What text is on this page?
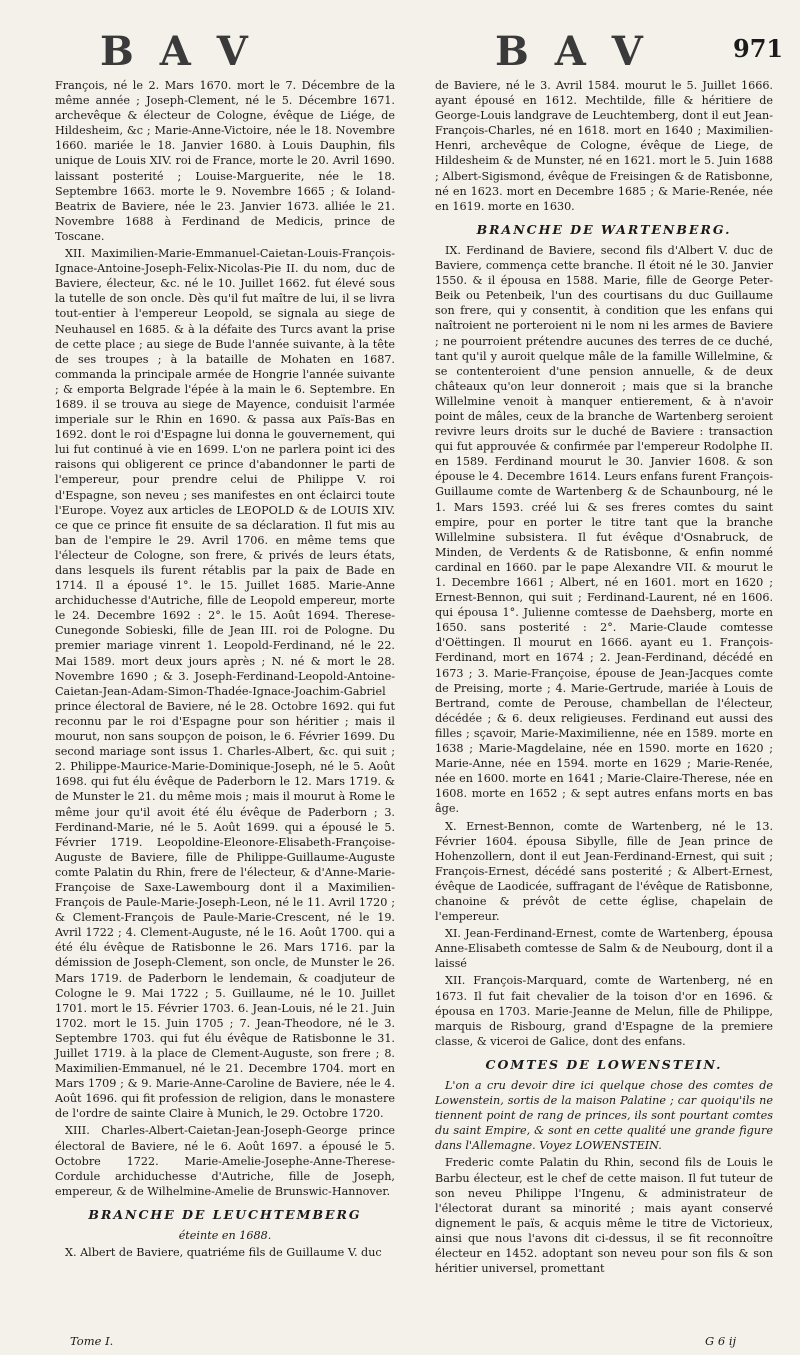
B A V	B A V	971

François, né le 2. Mars 1670. mort le 7. Décembre de la même année ; Joseph-Clement, né le 5. Décembre 1671. archevêque & électeur de Cologne, évêque de Liége, de Hildesheim, &c ; Marie-Anne-Victoire, née le 18. Novembre 1660. mariée le 18. Janvier 1680. à Louis Dauphin, fils unique de Louis XIV. roi de France, morte le 20. Avril 1690. laissant posterité ; Louise-Marguerite, née le 18. Septembre 1663. morte le 9. Novembre 1665 ; & Ioland-Beatrix de Baviere, née le 23. Janvier 1673. alliée le 21. Novembre 1688 à Ferdinand de Medicis, prince de Toscane.

XII. Maximilien-Marie-Emmanuel-Caietan-Louis-François-Ignace-Antoine-Joseph-Felix-Nicolas-Pie II. du nom, duc de Baviere, électeur, &c. né le 10. Juillet 1662. fut élevé sous la tutelle de son oncle. Dès qu'il fut maître de lui, il se livra tout-entier à l'empereur Leopold, se signala au siege de Neuhausel en 1685. & à la défaite des Turcs avant la prise de cette place ; au siege de Bude l'année suivante, à la tête de ses troupes ; à la bataille de Mohaten en 1687. commanda la principale armée de Hongrie l'année suivante ; & emporta Belgrade l'épée à la main le 6. Septembre. En 1689. il se trouva au siege de Mayence, conduisit l'armée imperiale sur le Rhin en 1690. & passa aux Païs-Bas en 1692. dont le roi d'Espagne lui donna le gouvernement, qui lui fut continué à vie en 1699. L'on ne parlera point ici des raisons qui obligerent ce prince d'abandonner le parti de l'empereur, pour prendre celui de Philippe V. roi d'Espagne, son neveu ; ses manifestes en ont éclairci toute l'Europe. Voyez aux articles de LEOPOLD & de LOUIS XIV. ce que ce prince fit ensuite de sa déclaration. Il fut mis au ban de l'empire le 29. Avril 1706. en même tems que l'électeur de Cologne, son frere, & privés de leurs états, dans lesquels ils furent rétablis par la paix de Bade en 1714. Il a épousé 1°. le 15. Juillet 1685. Marie-Anne archiduchesse d'Autriche, fille de Leopold empereur, morte le 24. Decembre 1692 : 2°. le 15. Août 1694. Therese-Cunegonde Sobieski, fille de Jean III. roi de Pologne. Du premier mariage vinrent 1. Leopold-Ferdinand, né le 22. Mai 1589. mort deux jours après ; N. né & mort le 28. Novembre 1690 ; & 3. Joseph-Ferdinand-Leopold-Antoine-Caietan-Jean-Adam-Simon-Thadée-Ignace-Joachim-Gabriel prince électoral de Baviere, né le 28. Octobre 1692. qui fut reconnu par le roi d'Espagne pour son héritier ; mais il mourut, non sans soupçon de poison, le 6. Février 1699. Du second mariage sont issus 1. Charles-Albert, &c. qui suit ; 2. Philippe-Maurice-Marie-Dominique-Joseph, né le 5. Août 1698. qui fut élu évêque de Paderborn le 12. Mars 1719. & de Munster le 21. du même mois ; mais il mourut à Rome le même jour qu'il avoit été élu évêque de Paderborn ; 3. Ferdinand-Marie, né le 5. Août 1699. qui a épousé le 5. Février 1719. Leopoldine-Eleonore-Elisabeth-Françoise-Auguste de Baviere, fille de Philippe-Guillaume-Auguste comte Palatin du Rhin, frere de l'électeur, & d'Anne-Marie-Françoise de Saxe-Lawembourg dont il a Maximilien-François de Paule-Marie-Joseph-Leon, né le 11. Avril 1720 ; & Clement-François de Paule-Marie-Crescent, né le 19. Avril 1722 ; 4. Clement-Auguste, né le 16. Août 1700. qui a été élu évêque de Ratisbonne le 26. Mars 1716. par la démission de Joseph-Clement, son oncle, de Munster le 26. Mars 1719. de Paderborn le lendemain, & coadjuteur de Cologne le 9. Mai 1722 ; 5. Guillaume, né le 10. Juillet 1701. mort le 15. Février 1703. 6. Jean-Louis, né le 21. Juin 1702. mort le 15. Juin 1705 ; 7. Jean-Theodore, né le 3. Septembre 1703. qui fut élu évêque de Ratisbonne le 31. Juillet 1719. à la place de Clement-Auguste, son frere ; 8. Maximilien-Emmanuel, né le 21. Decembre 1704. mort en Mars 1709 ; & 9. Marie-Anne-Caroline de Baviere, née le 4. Août 1696. qui fit profession de religion, dans le monastere de l'ordre de sainte Claire à Munich, le 29. Octobre 1720.

XIII. Charles-Albert-Caietan-Jean-Joseph-George prince électoral de Baviere, né le 6. Août 1697. a épousé le 5. Octobre 1722. Marie-Amelie-Josephe-Anne-Therese-Cordule archiduchesse d'Autriche, fille de Joseph, empereur, & de Wilhelmine-Amelie de Brunswic-Hannover.

BRANCHE DE LEUCHTEMBERG

éteinte en 1688.

X. Albert de Baviere, quatriéme fils de Guillaume V. duc

de Baviere, né le 3. Avril 1584. mourut le 5. Juillet 1666. ayant épousé en 1612. Mechtilde, fille & héritiere de George-Louis landgrave de Leuchtemberg, dont il eut Jean-François-Charles, né en 1618. mort en 1640 ; Maximilien-Henri, archevêque de Cologne, évêque de Liege, de Hildesheim & de Munster, né en 1621. mort le 5. Juin 1688 ; Albert-Sigismond, évêque de Freisingen & de Ratisbonne, né en 1623. mort en Decembre 1685 ; & Marie-Renée, née en 1619. morte en 1630.

BRANCHE DE WARTENBERG.

IX. Ferdinand de Baviere, second fils d'Albert V. duc de Baviere, commença cette branche. Il étoit né le 30. Janvier 1550. & il épousa en 1588. Marie, fille de George Peter-Beik ou Petenbeik, l'un des courtisans du duc Guillaume son frere, qui y consentit, à condition que les enfans qui naîtroient ne porteroient ni le nom ni les armes de Baviere ; ne pourroient prétendre aucunes des terres de ce duché, tant qu'il y auroit quelque mâle de la famille Willelmine, & se contenteroient d'une pension annuelle, & de deux châteaux qu'on leur donneroit ; mais que si la branche Willelmine venoit à manquer entierement, & à n'avoir point de mâles, ceux de la branche de Wartenberg seroient revivre leurs droits sur le duché de Baviere : transaction qui fut approuvée & confirmée par l'empereur Rodolphe II. en 1589. Ferdinand mourut le 30. Janvier 1608. & son épouse le 4. Decembre 1614. Leurs enfans furent François-Guillaume comte de Wartenberg & de Schaunbourg, né le 1. Mars 1593. créé lui & ses freres comtes du saint empire, pour en porter le titre tant que la branche Willelmine subsistera. Il fut évêque d'Osnabruck, de Minden, de Verdents & de Ratisbonne, & enfin nommé cardinal en 1660. par le pape Alexandre VII. & mourut le 1. Decembre 1661 ; Albert, né en 1601. mort en 1620 ; Ernest-Bennon, qui suit ; Ferdinand-Laurent, né en 1606. qui épousa 1°. Julienne comtesse de Daehsberg, morte en 1650. sans posterité : 2°. Marie-Claude comtesse d'Oëttingen. Il mourut en 1666. ayant eu 1. François-Ferdinand, mort en 1674 ; 2. Jean-Ferdinand, décédé en 1673 ; 3. Marie-Françoise, épouse de Jean-Jacques comte de Preising, morte ; 4. Marie-Gertrude, mariée à Louis de Bertrand, comte de Perouse, chambellan de l'électeur, décédée ; & 6. deux religieuses. Ferdinand eut aussi des filles ; sçavoir, Marie-Maximilienne, née en 1589. morte en 1638 ; Marie-Magdelaine, née en 1590. morte en 1620 ; Marie-Anne, née en 1594. morte en 1629 ; Marie-Renée, née en 1600. morte en 1641 ; Marie-Claire-Therese, née en 1608. morte en 1652 ; & sept autres enfans morts en bas âge.

X. Ernest-Bennon, comte de Wartenberg, né le 13. Février 1604. épousa Sibylle, fille de Jean prince de Hohenzollern, dont il eut Jean-Ferdinand-Ernest, qui suit ; François-Ernest, décédé sans posterité ; & Albert-Ernest, évêque de Laodicée, suffragant de l'évêque de Ratisbonne, chanoine & prévôt de cette église, chapelain de l'empereur.

XI. Jean-Ferdinand-Ernest, comte de Wartenberg, épousa Anne-Elisabeth comtesse de Salm & de Neubourg, dont il a laissé

XII. François-Marquard, comte de Wartenberg, né en 1673. Il fut fait chevalier de la toison d'or en 1696. & épousa en 1703. Marie-Jeanne de Melun, fille de Philippe, marquis de Risbourg, grand d'Espagne de la premiere classe, & viceroi de Galice, dont des enfans.

COMTES DE LOWENSTEIN.

L'on a cru devoir dire ici quelque chose des comtes de Lowenstein, sortis de la maison Palatine ; car quoiqu'ils ne tiennent point de rang de princes, ils sont pourtant comtes du saint Empire, & sont en cette qualité une grande figure dans l'Allemagne. Voyez LOWENSTEIN.

Frederic comte Palatin du Rhin, second fils de Louis le Barbu électeur, est le chef de cette maison. Il fut tuteur de son neveu Philippe l'Ingenu, & administrateur de l'électorat durant sa minorité ; mais ayant conservé dignement le païs, & acquis même le titre de Victorieux, ainsi que nous l'avons dit ci-dessus, il se fit reconnoître électeur en 1452. adoptant son neveu pour son fils & son héritier universel, promettant

Tome I.	G 6 ij
